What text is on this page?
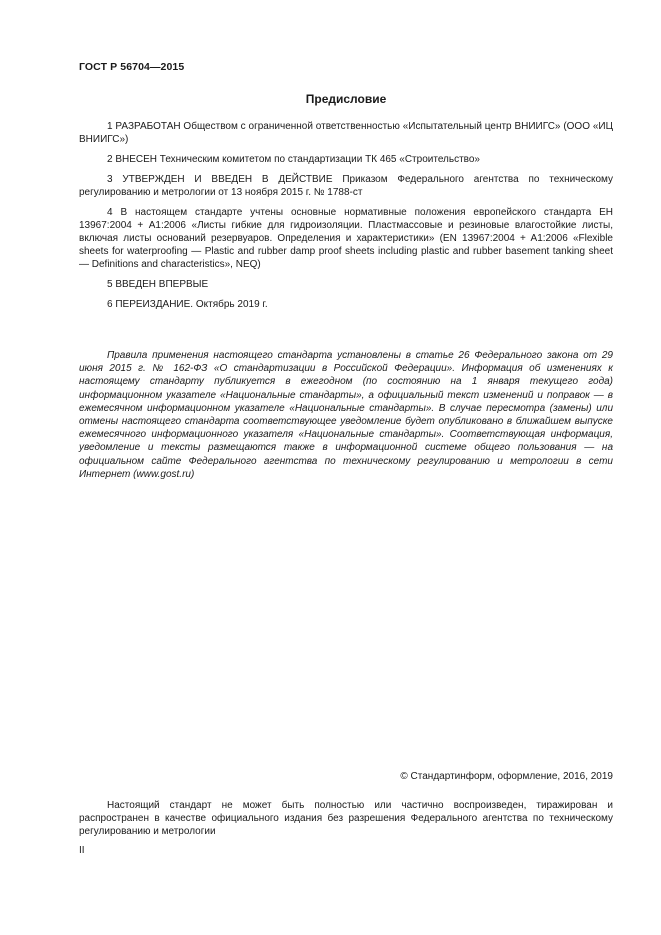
ГОСТ Р 56704—2015
Предисловие

1 РАЗРАБОТАН Обществом с ограниченной ответственностью «Испытательный центр ВНИИГС» (ООО «ИЦ ВНИИГС»)

2 ВНЕСЕН Техническим комитетом по стандартизации ТК 465 «Строительство»

3 УТВЕРЖДЕН И ВВЕДЕН В ДЕЙСТВИЕ Приказом Федерального агентства по техническому регулированию и метрологии от 13 ноября 2015 г. № 1788-ст

4 В настоящем стандарте учтены основные нормативные положения европейского стандарта ЕН 13967:2004 + А1:2006 «Листы гибкие для гидроизоляции. Пластмассовые и резиновые влагостойкие листы, включая листы оснований резервуаров. Определения и характеристики» (EN 13967:2004 + A1:2006 «Flexible sheets for waterproofing — Plastic and rubber damp proof sheets including plastic and rubber basement tanking sheet — Definitions and characteristics», NEQ)

5 ВВЕДЕН ВПЕРВЫЕ

6 ПЕРЕИЗДАНИЕ. Октябрь 2019 г.

Правила применения настоящего стандарта установлены в статье 26 Федерального закона от 29 июня 2015 г. № 162-ФЗ «О стандартизации в Российской Федерации». Информация об изменениях к настоящему стандарту публикуется в ежегодном (по состоянию на 1 января текущего года) информационном указателе «Национальные стандарты», а официальный текст изменений и поправок — в ежемесячном информационном указателе «Национальные стандарты». В случае пересмотра (замены) или отмены настоящего стандарта соответствующее уведомление будет опубликовано в ближайшем выпуске ежемесячного информационного указателя «Национальные стандарты». Соответствующая информация, уведомление и тексты размещаются также в информационной системе общего пользования — на официальном сайте Федерального агентства по техническому регулированию и метрологии в сети Интернет (www.gost.ru)

© Стандартинформ, оформление, 2016, 2019

Настоящий стандарт не может быть полностью или частично воспроизведен, тиражирован и распространен в качестве официального издания без разрешения Федерального агентства по техническому регулированию и метрологии

II
